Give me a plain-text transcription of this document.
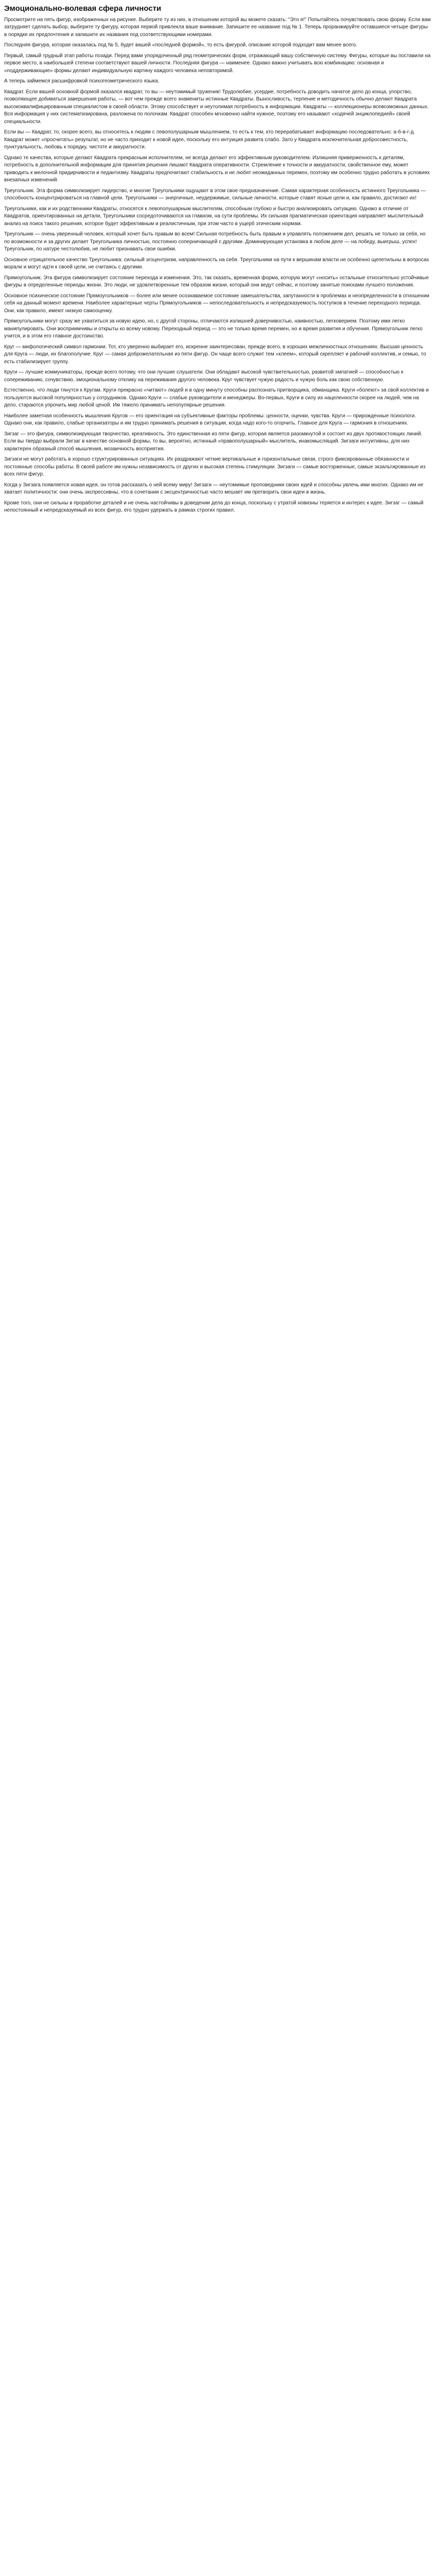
Эмоционально-волевая сфера личности

Просмотрите на пять фигур, изображенных на рисунке. Выберите ту из них, в отношении которой вы можете сказать: "Это я!" Попытайтесь почувствовать свою форму. Если вам затрудняет сделать выбор, выберите ту фигуру, которая первой привлекла ваше внимание. Запишите ее название под № 1. Теперь проранжируйте оставшиеся четыре фигуры в порядке их предпочтения и запишите их названия под соответствующими номерами.

Последняя фигура, которая оказалась под № 5, будет вашей «последней формой», то есть фигурой, описание которой подходит вам менее всего.

Первый, самый трудный этап работы позади. Перед вами упорядоченный ряд геометрических форм, отражающий вашу собственную систему. Фигуры, которые вы поставили на первое место, в наибольшей степени соответствуют вашей личности. Последняя фигура — наименее. Однако важно учитывать всю комбинацию: основная и «поддерживающие» формы делают индивидуальную картину каждого человека неповторимой.

А теперь займемся расшифровкой психогеометрического языка.

Квадрат. Если вашей основной формой оказался квадрат, то вы — неутомимый труженик! Трудолюбие, усердие, потребность доводить начатое дело до конца, упорство, позволяющее добиваться завершения работы, — вот чем прежде всего знамениты истинные Квадраты. Выносливость, терпение и методичность обычно делают Квадрата высококвалифицированным специалистом в своей области. Этому способствует и неутолимая потребность в информации. Квадраты — коллекционеры всевозможных данных. Вся информация у них систематизирована, разложена по полочкам. Квадрат способен мгновенно найти нужное, поэтому его называют «ходячей энциклопедией» своей специальности.

Если вы — Квадрат, то, скорее всего, вы относитесь к людям с левополушарным мышлением, то есть к тем, кто перерабатывает информацию последовательно: а-б-в-г-д. Квадрат может «просчитать» результат, но не часто приходит к новой идее, поскольку его интуиция развита слабо. Зато у Квадрата исключительная добросовестность, пунктуальность, любовь к порядку, чистоте и аккуратности.

Однако те качества, которые делают Квадрата прекрасным исполнителем, не всегда делают его эффективным руководителем. Излишняя приверженность к деталям, потребность в дополнительной информации для принятия решения лишают Квадрата оперативности. Стремление к точности и аккуратности, свойственное ему, может приводить к мелочной придирчивости и педантизму. Квадраты предпочитают стабильность и не любят неожиданных перемен, поэтому им особенно трудно работать в условиях внезапных изменений.

Треугольник. Эта форма символизирует лидерство, и многие Треугольники ощущают в этом свое предназначение. Самая характерная особенность истинного Треугольника — способность концентрироваться на главной цели. Треугольники — энергичные, неудержимые, сильные личности, которые ставят ясные цели и, как правило, достигают их!

Треугольники, как и их родственники Квадраты, относятся к левополушарным мыслителям, способным глубоко и быстро анализировать ситуацию. Однако в отличие от Квадратов, ориентированных на детали, Треугольники сосредоточиваются на главном, на сути проблемы. Их сильная прагматическая ориентация направляет мыслительный анализ на поиск такого решения, которое будет эффективным и реалистичным, при этом часто в ущерб этическим нормам.

Треугольник — очень уверенный человек, который хочет быть правым во всем! Сильная потребность быть правым и управлять положением дел, решать не только за себя, но по возможности и за других делает Треугольника личностью, постоянно соперничающей с другими. Доминирующая установка в любом деле — на победу, выигрыш, успех! Треугольник, по натуре честолюбив, не любит признавать свои ошибки.

Основное отрицательное качество Треугольника: сильный эгоцентризм, направленность на себя. Треугольники на пути к вершинам власти не особенно щепетильны в вопросах морали и могут идти к своей цели, не считаясь с другими.

Прямоугольник. Эта фигура символизирует состояние перехода и изменения. Это, так сказать, временная форма, которую могут «носить» остальные относительно устойчивые фигуры в определенные периоды жизни. Это люди, не удовлетворенные тем образом жизни, который они ведут сейчас, и поэтому занятые поисками лучшего положения.

Основное психическое состояние Прямоугольников — более или менее осознаваемое состояние замешательства, запутанности в проблемах и неопределенности в отношении себя на данный момент времени. Наиболее характерные черты Прямоугольников — непоследовательность и непредсказуемость поступков в течение переходного периода. Они, как правило, имеют низкую самооценку.

Прямоугольники могут сразу же ухватиться за новую идею, но, с другой стороны, отличаются излишней доверчивостью, наивностью, легковерием. Поэтому ими легко манипулировать. Они восприимчивы и открыты ко всему новому. Переходный период — это не только время перемен, но и время развития и обучения. Прямоугольник легко учится, и в этом его главное достоинство.

Круг — мифологический символ гармонии. Тот, кто уверенно выбирает его, искренне заинтересован, прежде всего, в хороших межличностных отношениях. Высшая ценность для Круга — люди, их благополучие. Круг — самая доброжелательная из пяти фигур. Он чаще всего служит тем «клеем», который скрепляет и рабочий коллектив, и семью, то есть стабилизирует группу.

Круги — лучшие коммуникаторы, прежде всего потому, что они лучшие слушатели. Они обладают высокой чувствительностью, развитой эмпатией — способностью к сопереживанию, сочувствию, эмоциональному отклику на переживания другого человека. Круг чувствует чужую радость и чужую боль как свою собственную.

Естественно, что люди тянутся к Кругам. Круги прекрасно «читают» людей и в одну минуту способны распознать притворщика, обманщика. Круги «болеют» за свой коллектив и пользуются высокой популярностью у сотрудников. Однако Круги — слабые руководители и менеджеры. Во-первых, Круги в силу их нацеленности скорее на людей, чем на дело, стараются упрочить мир любой ценой. Им тяжело принимать непопулярные решения.

Наиболее заметная особенность мышления Кругов — его ориентация на субъективные факторы проблемы: ценности, оценки, чувства. Круги — прирожденные психологи. Однако они, как правило, слабые организаторы и им трудно принимать решения в ситуации, когда надо кого-то огорчить. Главное для Круга — гармония в отношениях.

Зигзаг — это фигура, символизирующая творчество, креативность. Это единственная из пяти фигур, которая является разомкнутой и состоит из двух противостоящих линий. Если вы твердо выбрали Зигзаг в качестве основной формы, то вы, вероятно, истинный «правополушарный» мыслитель, инакомыслящий. Зигзаги интуитивны, для них характерен образный способ мышления, мозаичность восприятия.

Зигзаги не могут работать в хорошо структурированных ситуациях. Их раздражают четкие вертикальные и горизонтальные связи, строго фиксированные обязанности и постоянные способы работы. В своей работе им нужны независимость от других и высокая степень стимуляции. Зигзаги — самые восторженные, самые экзальтированные из всех пяти фигур.

Когда у Зигзага появляется новая идея, он готов рассказать о ней всему миру! Зигзаги — неутомимые проповедники своих идей и способны увлечь ими многих. Однако им не хватает политичности: они очень экспрессивны, что в сочетании с эксцентричностью часто мешает им претворить свои идеи в жизнь.

Кроме того, они не сильны в проработке деталей и не очень настойчивы в доведении дела до конца, поскольку с утратой новизны теряется и интерес к идее. Зигзаг — самый непостоянный и непредсказуемый из всех фигур, его трудно удержать в рамках строгих правил.
